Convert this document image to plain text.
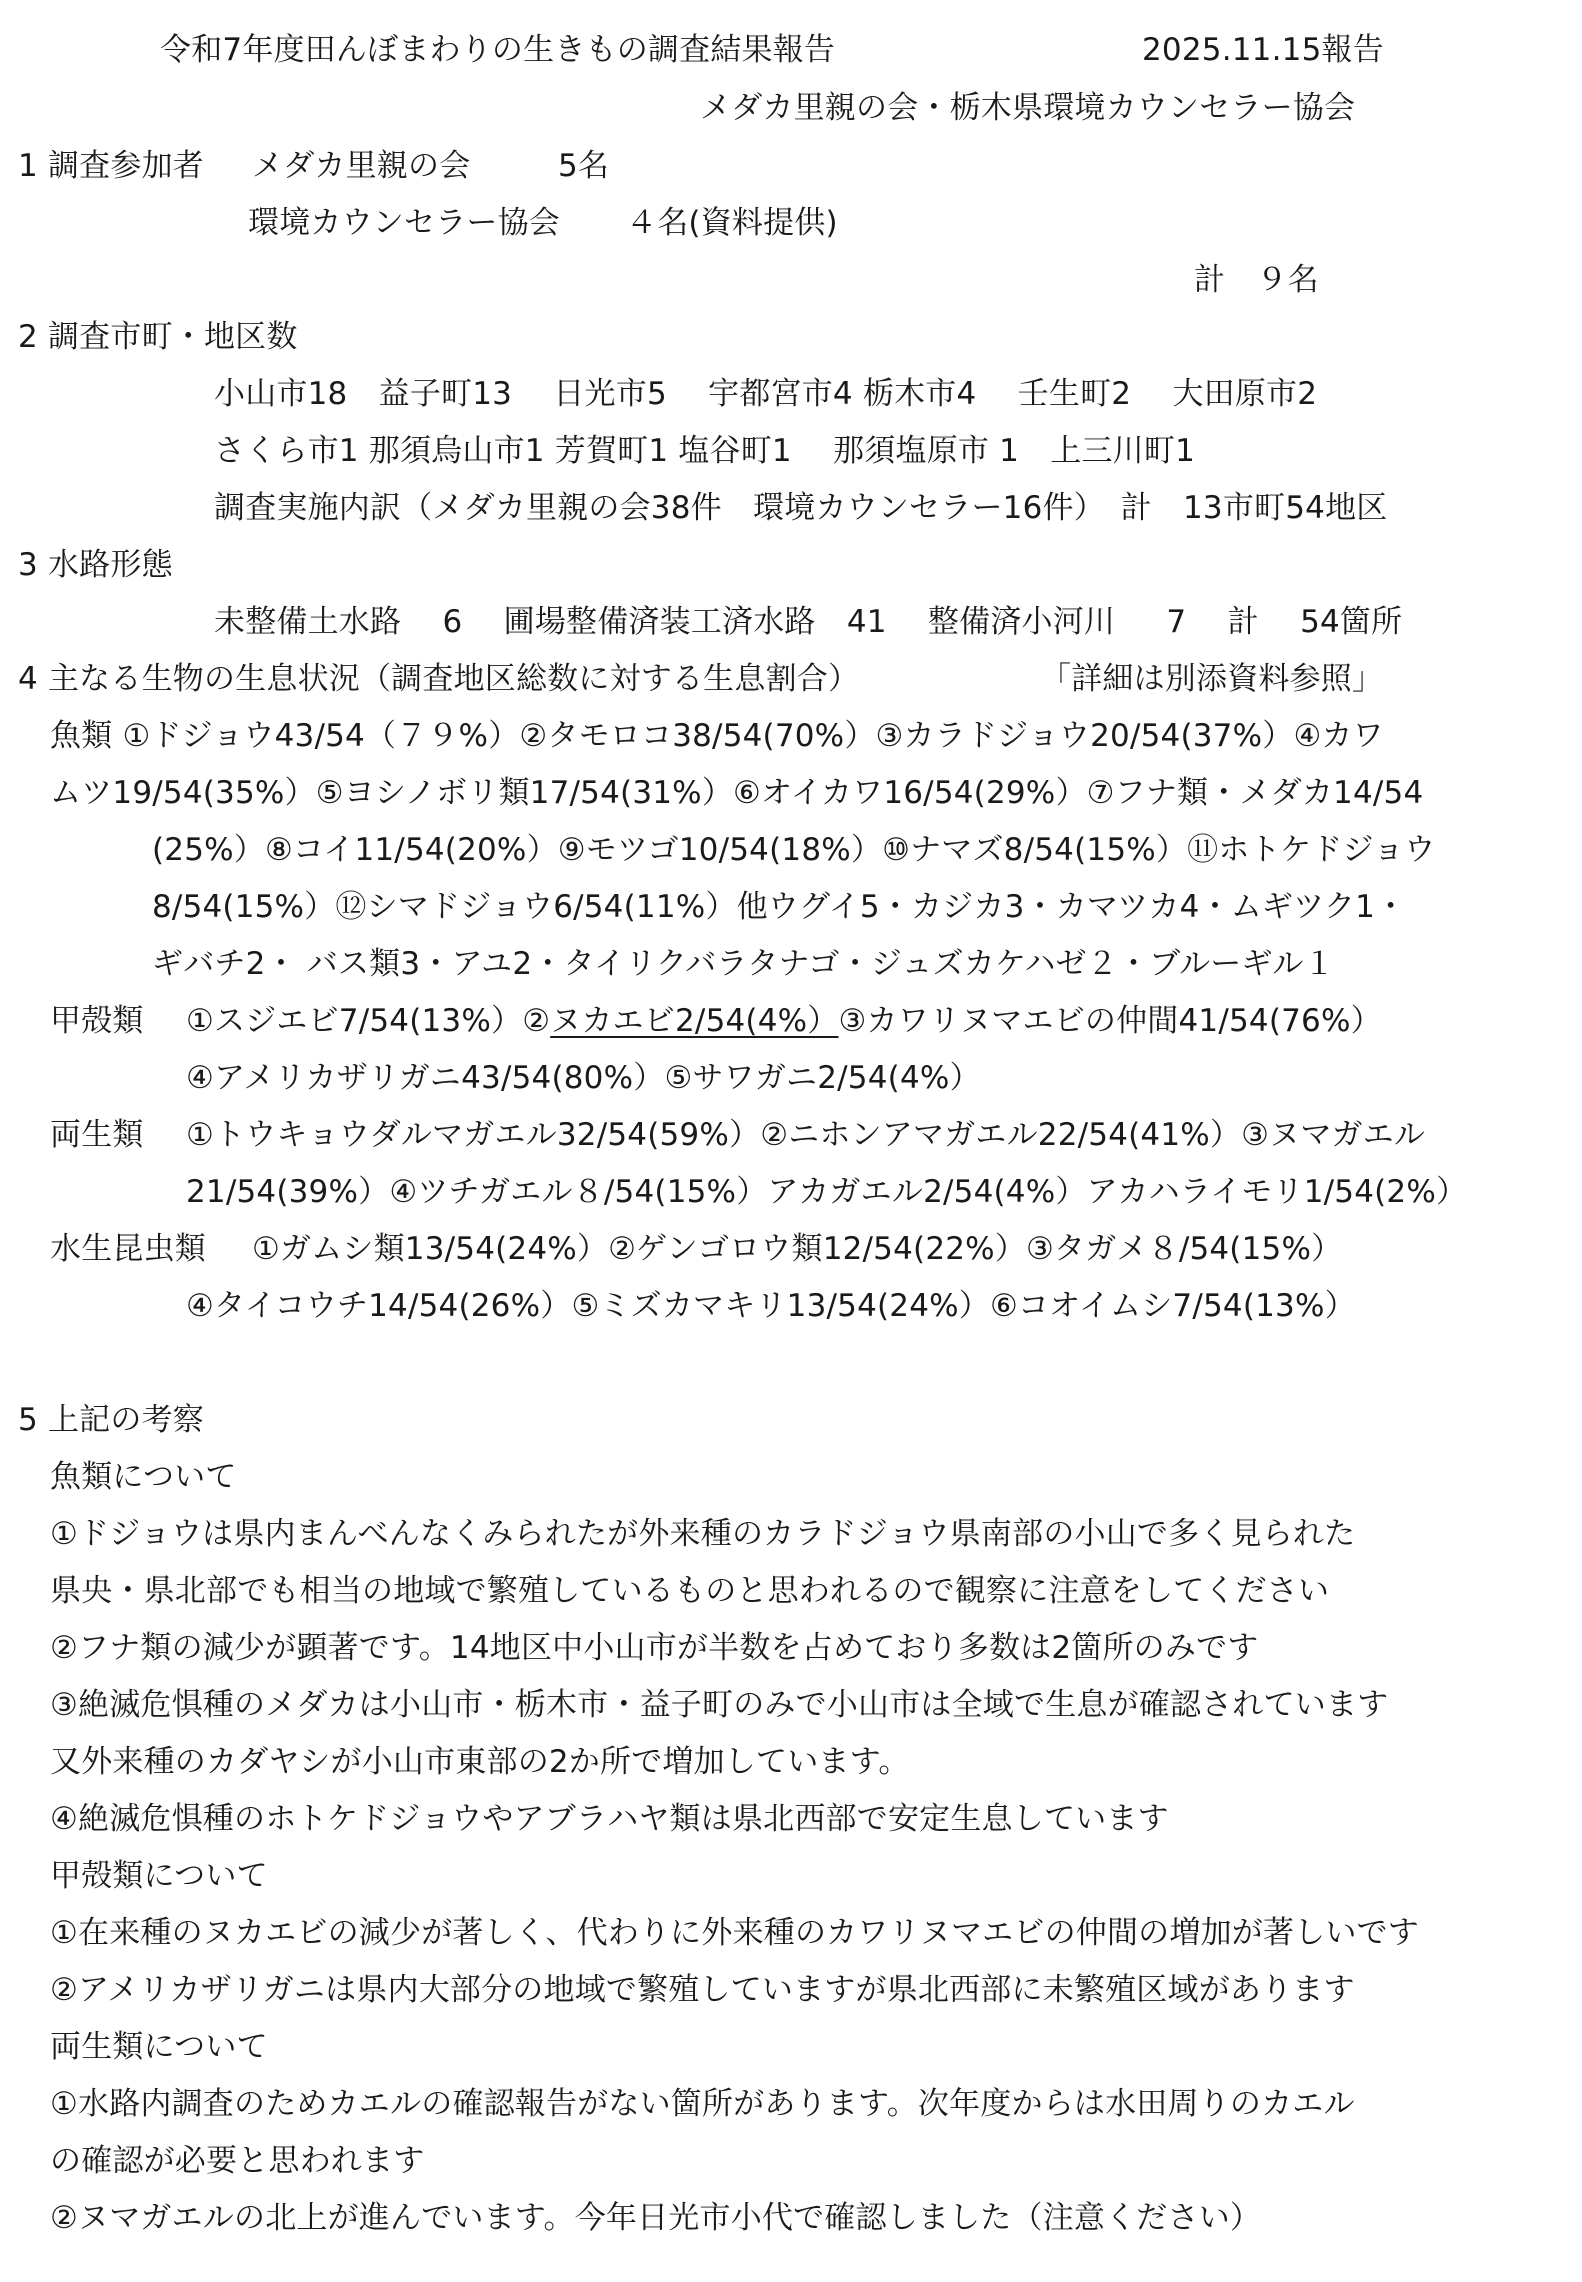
令和7年度田んぼまわりの生きもの調査結果報告	2025.11.15報告
メダカ里親の会・栃木県環境カウンセラー協会
1 調査参加者 メダカ里親の会	5名
環境カウンセラー協会 ４名(資料提供)
計　９名
2 調査市町・地区数
小山市18　益子町13　 日光市5　 宇都宮市4 栃木市4　 壬生町2　 大田原市2
さくら市1 那須烏山市1 芳賀町1 塩谷町1　 那須塩原市 1　上三川町1
調査実施内訳（メダカ里親の会38件　環境カウンセラー16件）　計　13市町54地区
3 水路形態
未整備土水路　 6　 圃場整備済装工済水路　41　 整備済小河川 　 7　 計　 54箇所
4 主なる生物の生息状況（調査地区総数に対する生息割合）	「詳細は別添資料参照」
魚類 ①ドジョウ43/54（７９%）②タモロコ38/54(70%）③カラドジョウ20/54(37%）④カワ
ムツ19/54(35%）⑤ヨシノボリ類17/54(31%）⑥オイカワ16/54(29%）⑦フナ類・メダカ14/54
(25%）⑧コイ11/54(20%）⑨モツゴ10/54(18%）⑩ナマズ8/54(15%）⑪ホトケドジョウ
8/54(15%）⑫シマドジョウ6/54(11%）他ウグイ5・カジカ3・カマツカ4・ムギツク1・
ギバチ2・ バス類3・アユ2・タイリクバラタナゴ・ジュズカケハゼ２・ブルーギル１
甲殻類 ①スジエビ7/54(13%）②ヌカエビ2/54(4%）③カワリヌマエビの仲間41/54(76%）
④アメリカザリガニ43/54(80%）⑤サワガニ2/54(4%）
両生類 ①トウキョウダルマガエル32/54(59%）②ニホンアマガエル22/54(41%）③ヌマガエル
21/54(39%）④ツチガエル８/54(15%）アカガエル2/54(4%）アカハライモリ1/54(2%）
水生昆虫類 ①ガムシ類13/54(24%）②ゲンゴロウ類12/54(22%）③タガメ８/54(15%）
④タイコウチ14/54(26%）⑤ミズカマキリ13/54(24%）⑥コオイムシ7/54(13%）
5 上記の考察
魚類について
①ドジョウは県内まんべんなくみられたが外来種のカラドジョウ県南部の小山で多く見られた
県央・県北部でも相当の地域で繁殖しているものと思われるので観察に注意をしてください
②フナ類の減少が顕著です。14地区中小山市が半数を占めており多数は2箇所のみです
③絶滅危惧種のメダカは小山市・栃木市・益子町のみで小山市は全域で生息が確認されています
又外来種のカダヤシが小山市東部の2か所で増加しています。
④絶滅危惧種のホトケドジョウやアブラハヤ類は県北西部で安定生息しています
甲殻類について
①在来種のヌカエビの減少が著しく、代わりに外来種のカワリヌマエビの仲間の増加が著しいです
②アメリカザリガニは県内大部分の地域で繁殖していますが県北西部に未繁殖区域があります
両生類について
①水路内調査のためカエルの確認報告がない箇所があります。次年度からは水田周りのカエル
の確認が必要と思われます
②ヌマガエルの北上が進んでいます。今年日光市小代で確認しました（注意ください）
